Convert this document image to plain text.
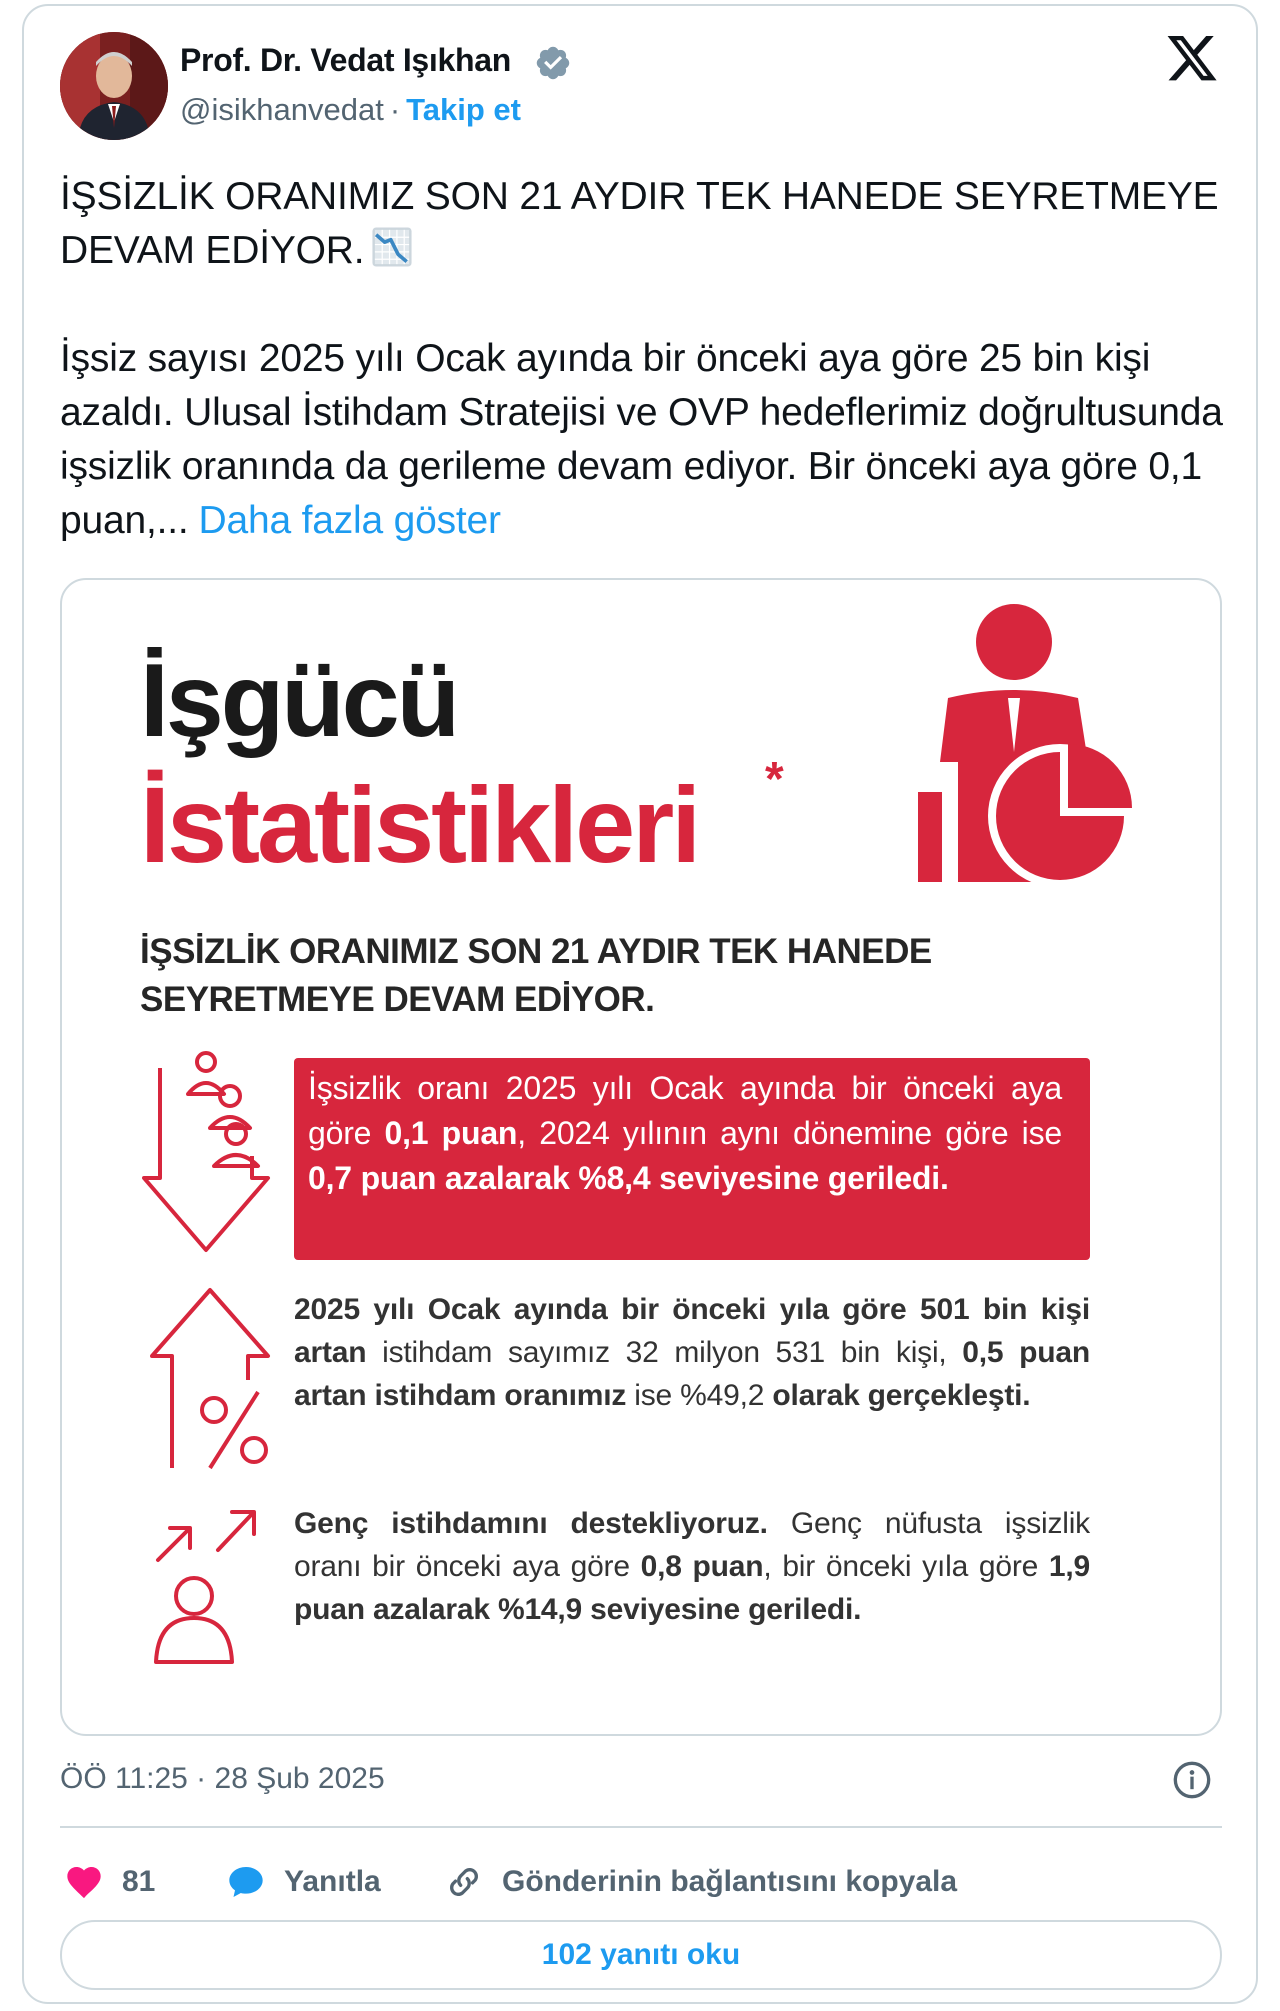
Prof. Dr. Vedat Işıkhan
@isikhanvedat · Takip et
İŞSİZLİK ORANIMIZ SON 21 AYDIR TEK HANEDE SEYRETMEYE DEVAM EDİYOR.
İşsiz sayısı 2025 yılı Ocak ayında bir önceki aya göre 25 bin kişi azaldı. Ulusal İstihdam Stratejisi ve OVP hedeflerimiz doğrultusunda işsizlik oranında da gerileme devam ediyor. Bir önceki aya göre 0,1 puan,... Daha fazla göster
İşgücü
İstatistikleri *
İŞSİZLİK ORANIMIZ SON 21 AYDIR TEK HANEDE SEYRETMEYE DEVAM EDİYOR.

İşsizlik oranı 2025 yılı Ocak ayında bir önceki aya göre 0,1 puan, 2024 yılının aynı dönemine göre ise 0,7 puan azalarak %8,4 seviyesine geriledi.

2025 yılı Ocak ayında bir önceki yıla göre 501 bin kişi artan istihdam sayımız 32 milyon 531 bin kişi, 0,5 puan artan istihdam oranımız ise %49,2 olarak gerçekleşti.
Genç istihdamını destekliyoruz. Genç nüfusta işsizlik oranı bir önceki aya göre 0,8 puan, bir önceki yıla göre 1,9 puan azalarak %14,9 seviyesine geriledi.
ÖÖ 11:25 · 28 Şub 2025
81	Yanıtla	Gönderinin bağlantısını kopyala
102 yanıtı oku
